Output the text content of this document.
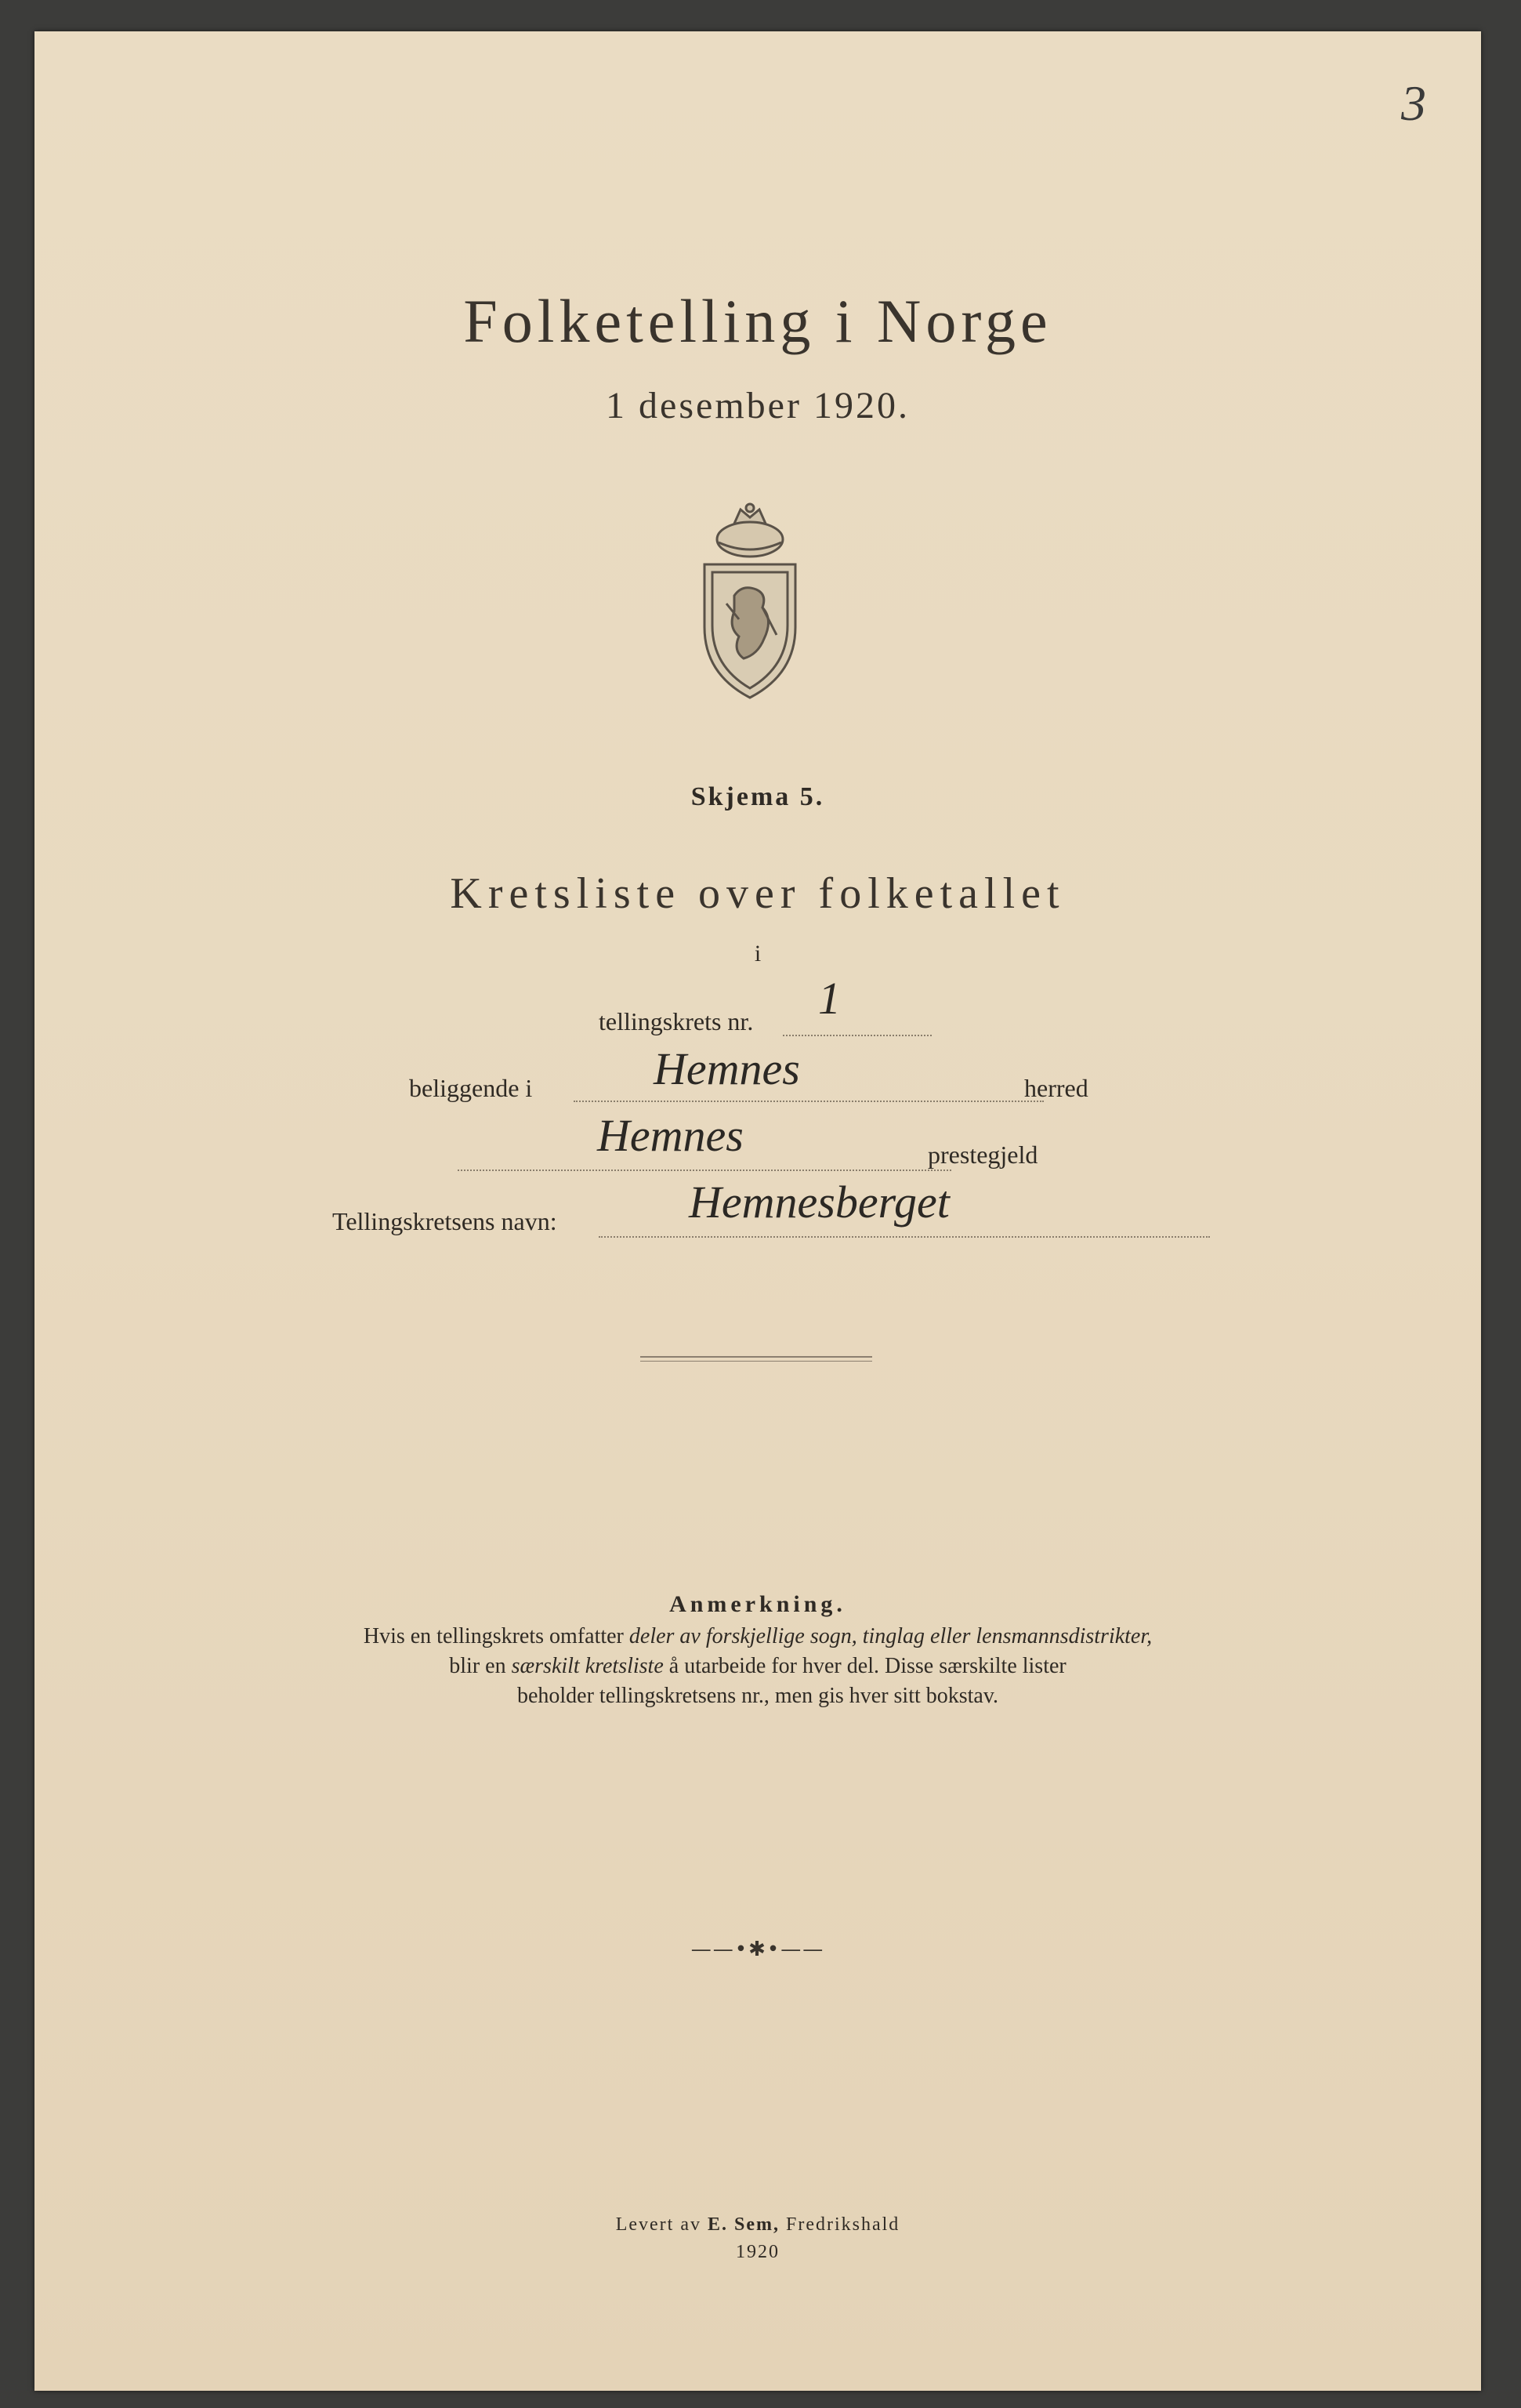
3
Folketelling i Norge
1 desember 1920.
Skjema 5.
Kretsliste over folketallet
i
tellingskrets nr. 1
beliggende i	Hemnes	herred
Hemnes	prestegjeld
Tellingskretsens navn:	Hemnesberget
Anmerkning.
Hvis en tellingskrets omfatter deler av forskjellige sogn, tinglag eller lensmannsdistrikter,
blir en særskilt kretsliste å utarbeide for hver del. Disse særskilte lister
beholder tellingskretsens nr., men gis hver sitt bokstav.
——•✱•——
Levert av E. Sem, Fredrikshald
1920
